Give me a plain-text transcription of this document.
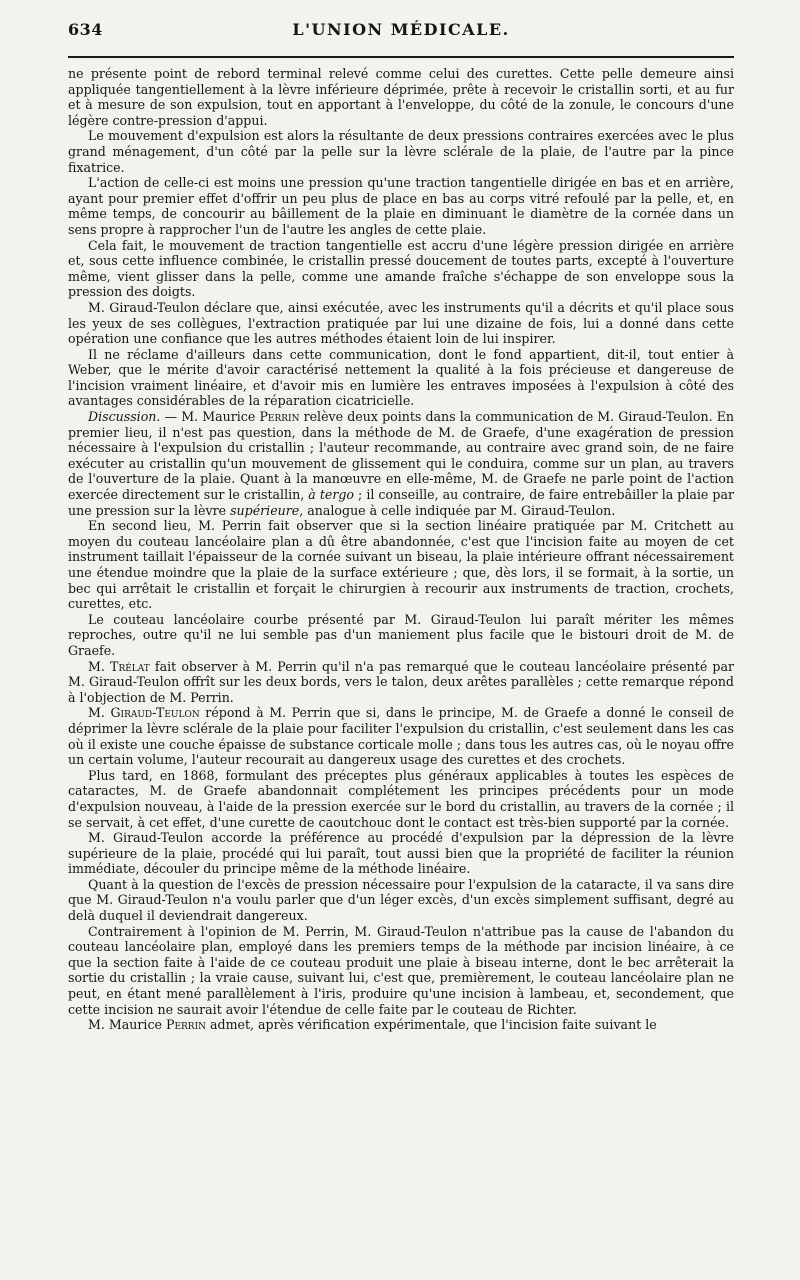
634	L'UNION MÉDICALE.

ne présente point de rebord terminal relevé comme celui des curettes. Cette pelle demeure ainsi appliquée tangentiellement à la lèvre inférieure déprimée, prête à recevoir le cristallin sorti, et au fur et à mesure de son expulsion, tout en apportant à l'enveloppe, du côté de la zonule, le concours d'une légère contre-pression d'appui.

Le mouvement d'expulsion est alors la résultante de deux pressions contraires exercées avec le plus grand ménagement, d'un côté par la pelle sur la lèvre sclérale de la plaie, de l'autre par la pince fixatrice.

L'action de celle-ci est moins une pression qu'une traction tangentielle dirigée en bas et en arrière, ayant pour premier effet d'offrir un peu plus de place en bas au corps vitré refoulé par la pelle, et, en même temps, de concourir au bâillement de la plaie en diminuant le diamètre de la cornée dans un sens propre à rapprocher l'un de l'autre les angles de cette plaie.

Cela fait, le mouvement de traction tangentielle est accru d'une légère pression dirigée en arrière et, sous cette influence combinée, le cristallin pressé doucement de toutes parts, excepté à l'ouverture même, vient glisser dans la pelle, comme une amande fraîche s'échappe de son enveloppe sous la pression des doigts.

M. Giraud-Teulon déclare que, ainsi exécutée, avec les instruments qu'il a décrits et qu'il place sous les yeux de ses collègues, l'extraction pratiquée par lui une dizaine de fois, lui a donné dans cette opération une confiance que les autres méthodes étaient loin de lui inspirer.

Il ne réclame d'ailleurs dans cette communication, dont le fond appartient, dit-il, tout entier à Weber, que le mérite d'avoir caractérisé nettement la qualité à la fois précieuse et dangereuse de l'incision vraiment linéaire, et d'avoir mis en lumière les entraves imposées à l'expulsion à côté des avantages considérables de la réparation cicatricielle.

Discussion. — M. Maurice Perrin relève deux points dans la communication de M. Giraud-Teulon. En premier lieu, il n'est pas question, dans la méthode de M. de Graefe, d'une exagération de pression nécessaire à l'expulsion du cristallin ; l'auteur recommande, au contraire avec grand soin, de ne faire exécuter au cristallin qu'un mouvement de glissement qui le conduira, comme sur un plan, au travers de l'ouverture de la plaie. Quant à la manœuvre en elle-même, M. de Graefe ne parle point de l'action exercée directement sur le cristallin, à tergo ; il conseille, au contraire, de faire entrebâiller la plaie par une pression sur la lèvre supérieure, analogue à celle indiquée par M. Giraud-Teulon.

En second lieu, M. Perrin fait observer que si la section linéaire pratiquée par M. Critchett au moyen du couteau lancéolaire plan a dû être abandonnée, c'est que l'incision faite au moyen de cet instrument taillait l'épaisseur de la cornée suivant un biseau, la plaie intérieure offrant nécessairement une étendue moindre que la plaie de la surface extérieure ; que, dès lors, il se formait, à la sortie, un bec qui arrêtait le cristallin et forçait le chirurgien à recourir aux instruments de traction, crochets, curettes, etc.

Le couteau lancéolaire courbe présenté par M. Giraud-Teulon lui paraît mériter les mêmes reproches, outre qu'il ne lui semble pas d'un maniement plus facile que le bistouri droit de M. de Graefe.

M. Trélat fait observer à M. Perrin qu'il n'a pas remarqué que le couteau lancéolaire présenté par M. Giraud-Teulon offrît sur les deux bords, vers le talon, deux arêtes parallèles ; cette remarque répond à l'objection de M. Perrin.

M. Giraud-Teulon répond à M. Perrin que si, dans le principe, M. de Graefe a donné le conseil de déprimer la lèvre sclérale de la plaie pour faciliter l'expulsion du cristallin, c'est seulement dans les cas où il existe une couche épaisse de substance corticale molle ; dans tous les autres cas, où le noyau offre un certain volume, l'auteur recourait au dangereux usage des curettes et des crochets.

Plus tard, en 1868, formulant des préceptes plus généraux applicables à toutes les espèces de cataractes, M. de Graefe abandonnait complétement les principes précédents pour un mode d'expulsion nouveau, à l'aide de la pression exercée sur le bord du cristallin, au travers de la cornée ; il se servait, à cet effet, d'une curette de caoutchouc dont le contact est très-bien supporté par la cornée.

M. Giraud-Teulon accorde la préférence au procédé d'expulsion par la dépression de la lèvre supérieure de la plaie, procédé qui lui paraît, tout aussi bien que la propriété de faciliter la réunion immédiate, découler du principe même de la méthode linéaire.

Quant à la question de l'excès de pression nécessaire pour l'expulsion de la cataracte, il va sans dire que M. Giraud-Teulon n'a voulu parler que d'un léger excès, d'un excès simplement suffisant, degré au delà duquel il deviendrait dangereux.

Contrairement à l'opinion de M. Perrin, M. Giraud-Teulon n'attribue pas la cause de l'abandon du couteau lancéolaire plan, employé dans les premiers temps de la méthode par incision linéaire, à ce que la section faite à l'aide de ce couteau produit une plaie à biseau interne, dont le bec arrêterait la sortie du cristallin ; la vraie cause, suivant lui, c'est que, premièrement, le couteau lancéolaire plan ne peut, en étant mené parallèlement à l'iris, produire qu'une incision à lambeau, et, secondement, que cette incision ne saurait avoir l'étendue de celle faite par le couteau de Richter.

M. Maurice Perrin admet, après vérification expérimentale, que l'incision faite suivant le
